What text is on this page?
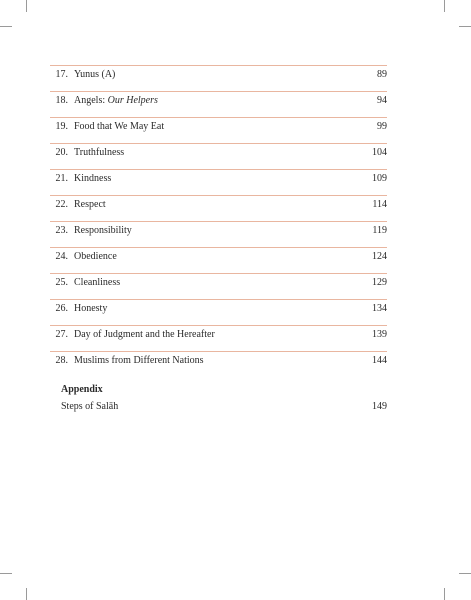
17. Yunus (A)	89
18. Angels: Our Helpers	94
19. Food that We May Eat	99
20. Truthfulness	104
21. Kindness	109
22. Respect	114
23. Responsibility	119
24. Obedience	124
25. Cleanliness	129
26. Honesty	134
27. Day of Judgment and the Hereafter	139
28. Muslims from Different Nations	144
Appendix
Steps of Salāh	149
